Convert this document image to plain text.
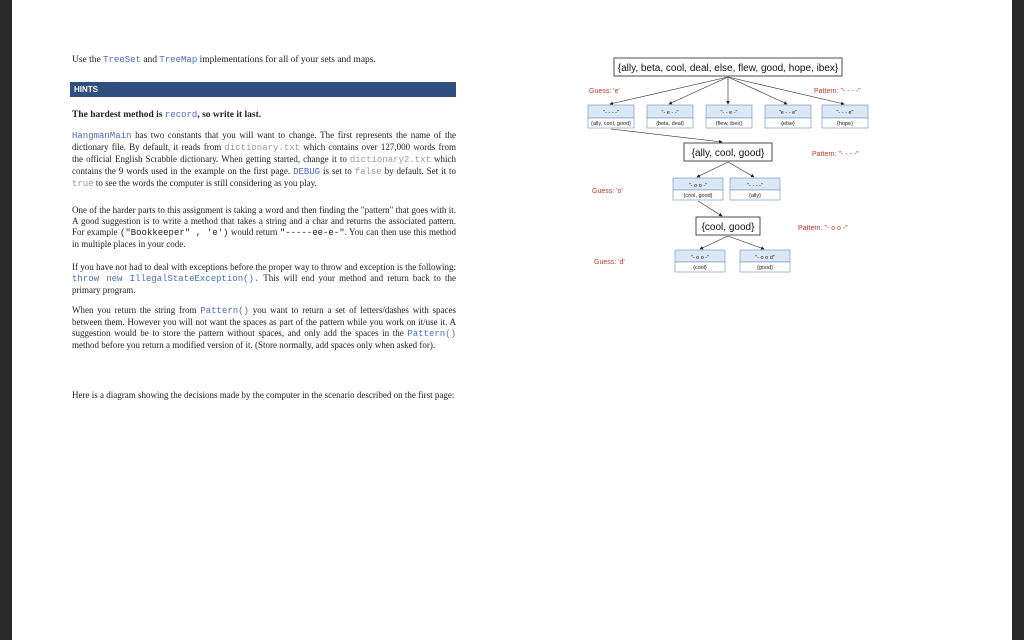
Use the TreeSet and TreeMap implementations for all of your sets and maps.
HINTS
The hardest method is record, so write it last.
HangmanMain has two constants that you will want to change. The first represents the name of the dictionary file. By default, it reads from dictionary.txt which contains over 127,000 words from the official English Scrabble dictionary. When getting started, change it to dictionary2.txt which contains the 9 words used in the example on the first page. DEBUG is set to false by default. Set it to true to see the words the computer is still considering as you play.
One of the harder parts to this assignment is taking a word and then finding the "pattern" that goes with it. A good suggestion is to write a method that takes a string and a char and returns the associated pattern. For example ("Bookkeeper" , 'e') would return "-----ee-e-". You can then use this method in multiple places in your code.
If you have not had to deal with exceptions before the proper way to throw and exception is the following: throw new IllegalStateException(). This will end your method and return back to the primary program.
When you return the string from Pattern() you want to return a set of letters/dashes with spaces between them. However you will not want the spaces as part of the pattern while you work on it/use it. A suggestion would be to store the pattern without spaces, and only add the spaces in the Pattern() method before you return a modified version of it. (Store normally, add spaces only when asked for).
Here is a diagram showing the decisions made by the computer in the scenario described on the first page:
{ally, beta, cool, deal, else, flew, good, hope, ibex}
Guess: 'e'	Pattern: "- - - -"
"- - - -"
{ally, cool, good}
"- e - -"
{beta, deal}
"- - e -"
{flew, ibex}
"e - - e"
{else}
"- - - e"
{hope}
{ally, cool, good}	Pattern: "- - - -"
Guess: 'o'
"- o o -"
{cool, good}
"- - - -"
{ally}
{cool, good}	Pattern: "- o o -"
Guess: 'd'
"- o o -"
{cool}
"- o o d"
{good}
